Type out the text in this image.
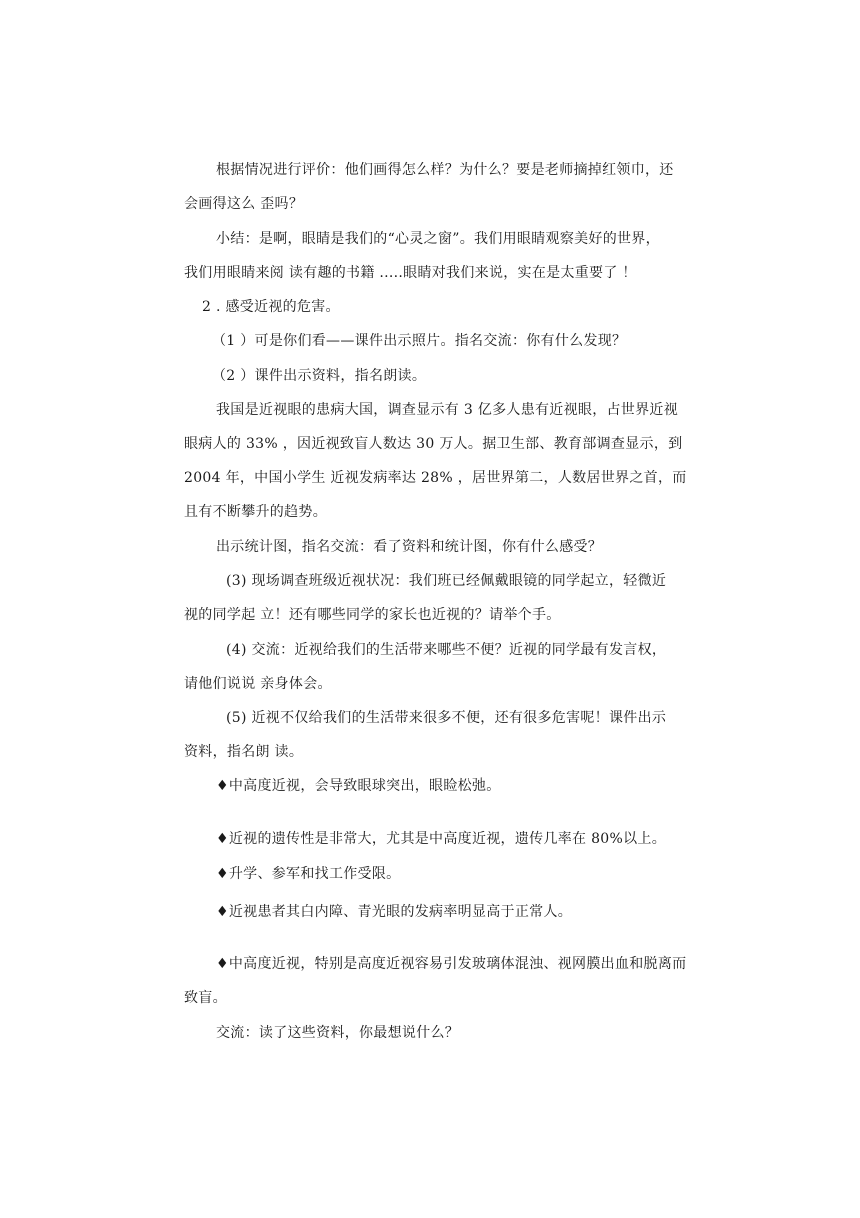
根据情况进行评价：他们画得怎么样？为什么？要是老师摘掉红领巾，还
会画得这么 歪吗？
小结：是啊，眼睛是我们的“心灵之窗”。我们用眼睛观察美好的世界，
我们用眼睛来阅 读有趣的书籍 .....眼睛对我们来说，实在是太重要了 ！
2 . 感受近视的危害。
（1 ）可是你们看——课件出示照片。指名交流：你有什么发现？
（2 ）课件出示资料，指名朗读。
我国是近视眼的患病大国，调查显示有 3 亿多人患有近视眼，占世界近视
眼病人的 33% ，因近视致盲人数达 30 万人。据卫生部、教育部调查显示，到
2004 年，中国小学生 近视发病率达 28% ，居世界第二，人数居世界之首，而
且有不断攀升的趋势。
出示统计图，指名交流：看了资料和统计图，你有什么感受？
(3) 现场调查班级近视状况：我们班已经佩戴眼镜的同学起立，轻微近
视的同学起 立！还有哪些同学的家长也近视的？请举个手。
(4) 交流：近视给我们的生活带来哪些不便？近视的同学最有发言权，
请他们说说 亲身体会。
(5) 近视不仅给我们的生活带来很多不便，还有很多危害呢！课件出示
资料，指名朗 读。
♦中高度近视，会导致眼球突出，眼睑松弛。
♦近视的遗传性是非常大，尤其是中高度近视，遗传几率在 80%以上。
♦升学、参军和找工作受限。
♦近视患者其白内障、青光眼的发病率明显高于正常人。
♦中高度近视，特别是高度近视容易引发玻璃体混浊、视网膜出血和脱离而
致盲。
交流：读了这些资料，你最想说什么？
